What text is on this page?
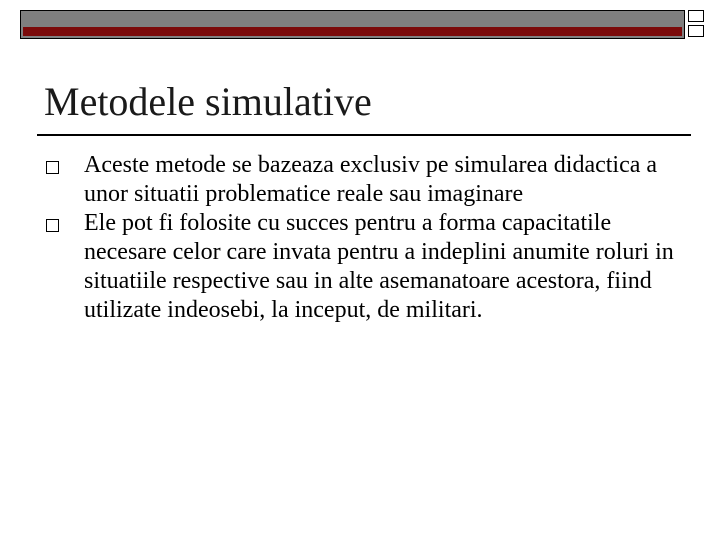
Metodele simulative

Aceste metode se bazeaza exclusiv pe simularea didactica a unor situatii problematice reale sau imaginare

Ele pot fi folosite cu succes pentru a forma capacitatile necesare celor care invata pentru a indeplini anumite roluri in situatiile respective sau in alte asemanatoare acestora, fiind utilizate indeosebi, la inceput, de militari.
